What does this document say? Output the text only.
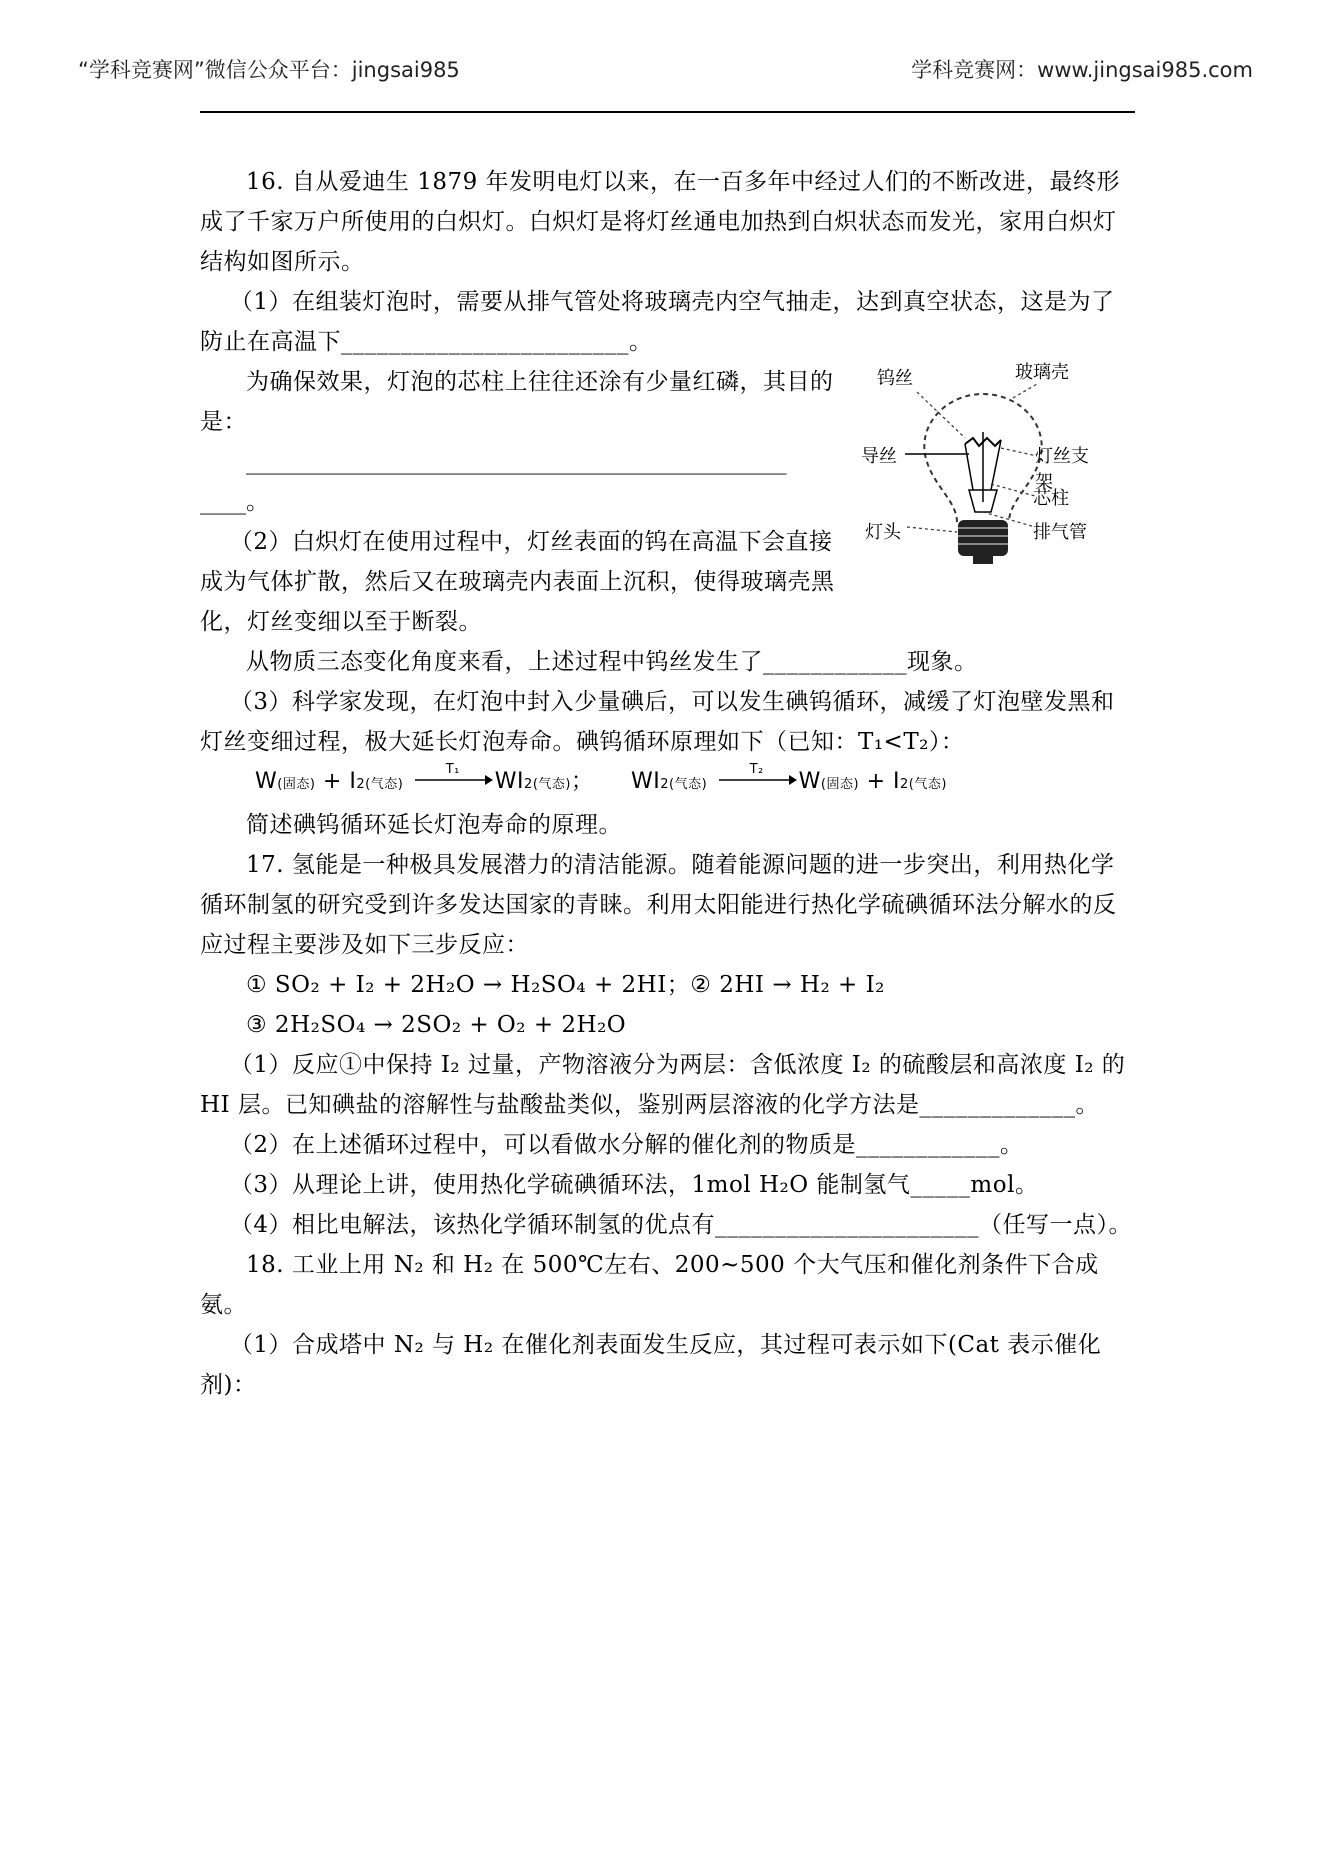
“学科竞赛网”微信公众平台：jingsai985	学科竞赛网：www.jingsai985.com

16. 自从爱迪生 1879 年发明电灯以来，在一百多年中经过人们的不断改进，最终形成了千家万户所使用的白炽灯。白炽灯是将灯丝通电加热到白炽状态而发光，家用白炽灯结构如图所示。

（1）在组装灯泡时，需要从排气管处将玻璃壳内空气抽走，达到真空状态，这是为了防止在高温下________________________。

为确保效果，灯泡的芯柱上往往还涂有少量红磷，其目的是：

_______________________________________________

____。

（2）白炽灯在使用过程中，灯丝表面的钨在高温下会直接成为气体扩散，然后又在玻璃壳内表面上沉积，使得玻璃壳黑化，灯丝变细以至于断裂。

从物质三态变化角度来看，上述过程中钨丝发生了____________现象。

（3）科学家发现，在灯泡中封入少量碘后，可以发生碘钨循环，减缓了灯泡壁发黑和灯丝变细过程，极大延长灯泡寿命。碘钨循环原理如下（已知：T₁<T₂）：

W(固态) + I2(气态)
T₁	WI2(气态)； WI2(气态)
T₂	W(固态) + I2(气态)

简述碘钨循环延长灯泡寿命的原理。

17. 氢能是一种极具发展潜力的清洁能源。随着能源问题的进一步突出，利用热化学循环制氢的研究受到许多发达国家的青睐。利用太阳能进行热化学硫碘循环法分解水的反应过程主要涉及如下三步反应：

① SO₂ + I₂ + 2H₂O → H₂SO₄ + 2HI；② 2HI → H₂ + I₂

③ 2H₂SO₄ → 2SO₂ + O₂ + 2H₂O

（1）反应①中保持 I₂ 过量，产物溶液分为两层：含低浓度 I₂ 的硫酸层和高浓度 I₂ 的 HI 层。已知碘盐的溶解性与盐酸盐类似，鉴别两层溶液的化学方法是_____________。

（2）在上述循环过程中，可以看做水分解的催化剂的物质是____________。

（3）从理论上讲，使用热化学硫碘循环法，1mol H₂O 能制氢气_____mol。

（4）相比电解法，该热化学循环制氢的优点有______________________（任写一点）。

18. 工业上用 N₂ 和 H₂ 在 500℃左右、200~500 个大气压和催化剂条件下合成氨。

（1）合成塔中 N₂ 与 H₂ 在催化剂表面发生反应，其过程可表示如下(Cat 表示催化剂)：

钨丝	玻璃壳
导丝	灯丝支架
芯柱
灯头	排气管
